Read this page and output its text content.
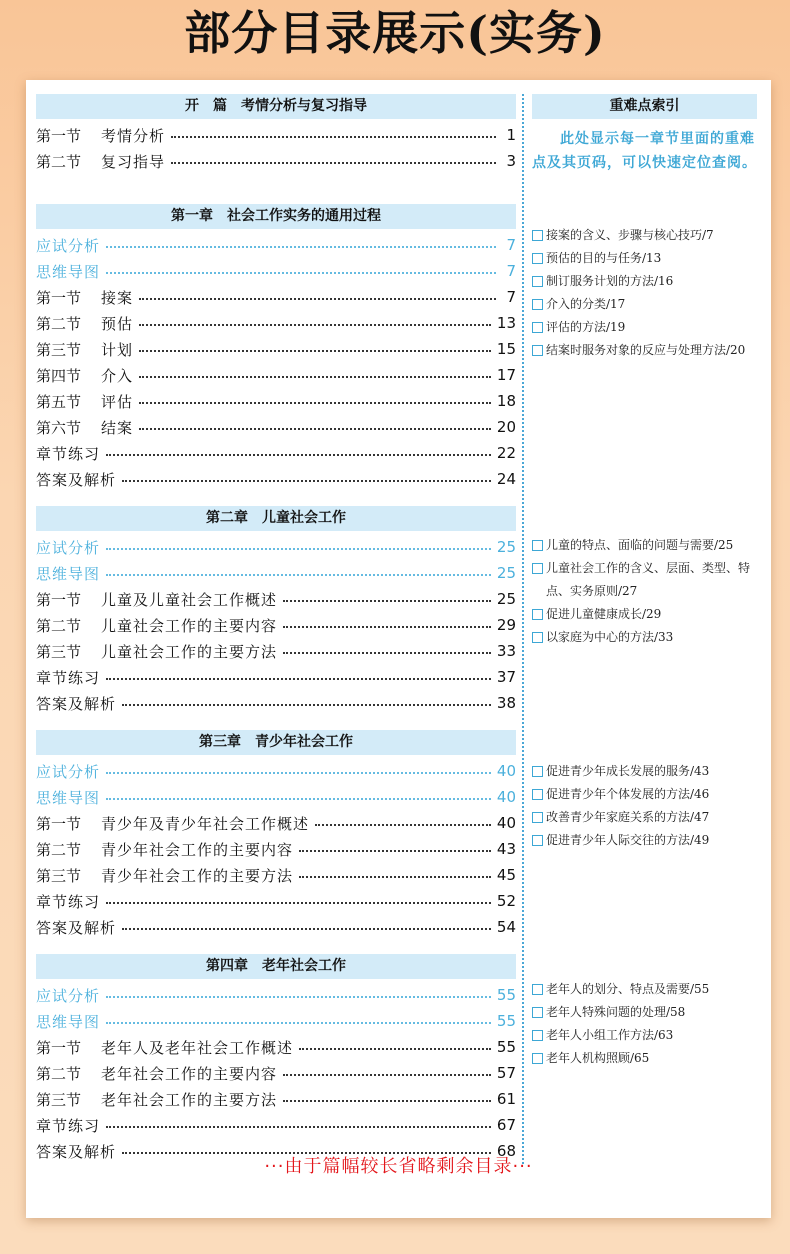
部分目录展示(实务)
开　篇　考情分析与复习指导
第一节 考情分析	1
第二节 复习指导	3
第一章　社会工作实务的通用过程
应试分析	7
思维导图	7
第一节 接案	7
第二节 预估	13
第三节 计划	15
第四节 介入	17
第五节 评估	18
第六节 结案	20
章节练习	22
答案及解析	24
第二章　儿童社会工作
应试分析	25
思维导图	25
第一节 儿童及儿童社会工作概述	25
第二节 儿童社会工作的主要内容	29
第三节 儿童社会工作的主要方法	33
章节练习	37
答案及解析	38
第三章　青少年社会工作
应试分析	40
思维导图	40
第一节 青少年及青少年社会工作概述	40
第二节 青少年社会工作的主要内容	43
第三节 青少年社会工作的主要方法	45
章节练习	52
答案及解析	54
第四章　老年社会工作
应试分析	55
思维导图	55
第一节 老年人及老年社会工作概述	55
第二节 老年社会工作的主要内容	57
第三节 老年社会工作的主要方法	61
章节练习	67
答案及解析	68
重难点索引
此处显示每一章节里面的重难点及其页码，可以快速定位查阅。
接案的含义、步骤与核心技巧/7
预估的目的与任务/13
制订服务计划的方法/16
介入的分类/17
评估的方法/19
结案时服务对象的反应与处理方法/20
儿童的特点、面临的问题与需要/25
儿童社会工作的含义、层面、类型、特点、实务原则/27
促进儿童健康成长/29
以家庭为中心的方法/33
促进青少年成长发展的服务/43
促进青少年个体发展的方法/46
改善青少年家庭关系的方法/47
促进青少年人际交往的方法/49
老年人的划分、特点及需要/55
老年人特殊问题的处理/58
老年人小组工作方法/63
老年人机构照顾/65
···由于篇幅较长省略剩余目录···
